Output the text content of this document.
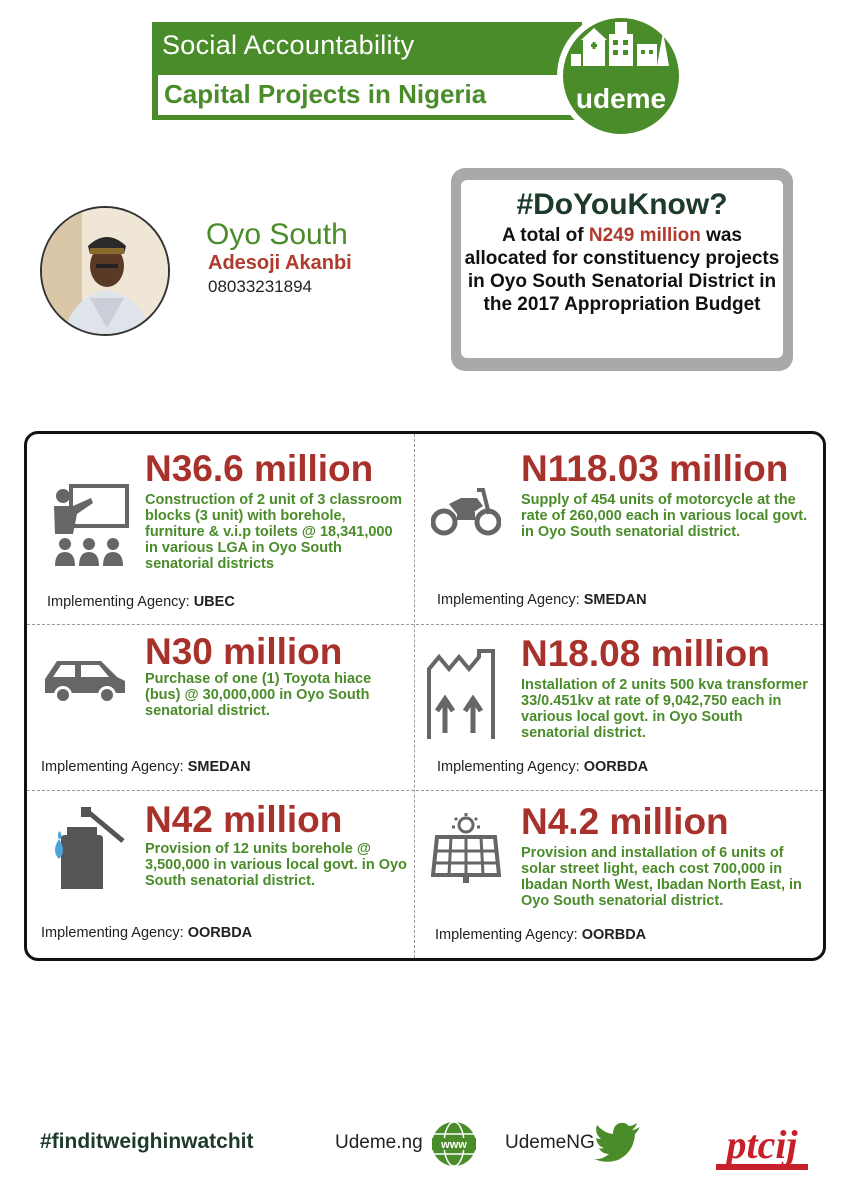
Social Accountability
Capital Projects in Nigeria	udeme
Oyo South
Adesoji Akanbi
08033231894
#DoYouKnow?
A total of N249 million was allocated for constituency projects in Oyo South Senatorial District in the 2017 Appropriation Budget
N36.6 million
Construction of 2 unit of 3 classroom blocks (3 unit) with borehole, furniture & v.i.p toilets @ 18,341,000 in various LGA in Oyo South senatorial districts
Implementing Agency: UBEC
N118.03 million
Supply of 454 units of motorcycle at the rate of 260,000 each in various local govt. in Oyo South senatorial district.
Implementing Agency: SMEDAN
N30 million
Purchase of one (1) Toyota hiace (bus) @ 30,000,000 in Oyo South senatorial district.
Implementing Agency: SMEDAN
N18.08 million
Installation of 2 units 500 kva transformer 33/0.451kv at rate of 9,042,750 each in various local govt. in Oyo South senatorial district.
Implementing Agency: OORBDA
N42 million
Provision of 12 units borehole @ 3,500,000 in various local govt. in Oyo South senatorial district.
Implementing Agency: OORBDA
N4.2 million
Provision and installation of 6 units of solar street light, each cost 700,000 in Ibadan North West, Ibadan North East, in Oyo South senatorial district.
Implementing Agency: OORBDA
#finditweighinwatchit	Udeme.ng www UdemeNG	ptcij
